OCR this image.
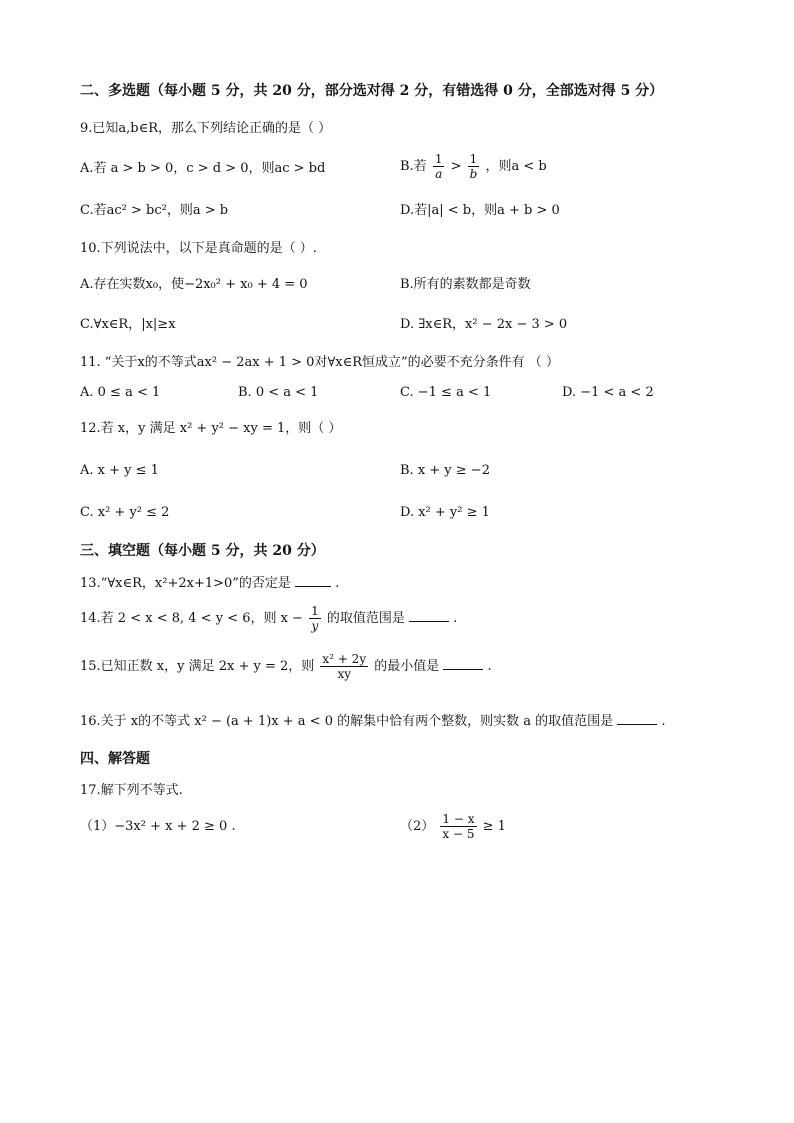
二、多选题（每小题 5 分，共 20 分，部分选对得 2 分，有错选得 0 分，全部选对得 5 分）
9.已知a,b∈R，那么下列结论正确的是（ ）
A.若 a > b > 0，c > d > 0，则ac > bd	B.若 $\frac{1}{a} > \frac{1}{b}$ ，则a < b
C.若ac² > bc²，则a > b	D.若|a| < b，则a + b > 0
10.下列说法中，以下是真命题的是（ ）.
A.存在实数x₀，使−2x₀² + x₀ + 4 = 0	B.所有的素数都是奇数
C.∀x∈R，|x|≥x	D. ∃x∈R，x² − 2x − 3 > 0
11. “关于x的不等式ax² − 2ax + 1 > 0对∀x∈R恒成立”的必要不充分条件有 （ ）
A. 0 ≤ a < 1	B. 0 < a < 1	C. −1 ≤ a < 1	D. −1 < a < 2
12.若 x，y 满足 x² + y² − xy = 1，则（ ）
A. x + y ≤ 1	B. x + y ≥ −2
C. x² + y² ≤ 2	D. x² + y² ≥ 1
三、填空题（每小题 5 分，共 20 分）
13.“∀x∈R，x²+2x+1>0”的否定是	.
14.若 2 < x < 8, 4 < y < 6，则 $x - \frac{1}{y}$ 的取值范围是	.
15.已知正数 x，y 满足 2x + y = 2，则 $\frac{\text{x² + 2y}}{xy}$ 的最小值是	.
16.关于 x的不等式 x² − (a + 1)x + a < 0 的解集中恰有两个整数，则实数 a 的取值范围是	.
四、解答题
17.解下列不等式.
（1）−3x² + x + 2 ≥ 0 .	$(2) \frac{1 - x}{x - 5} \ge 1$
